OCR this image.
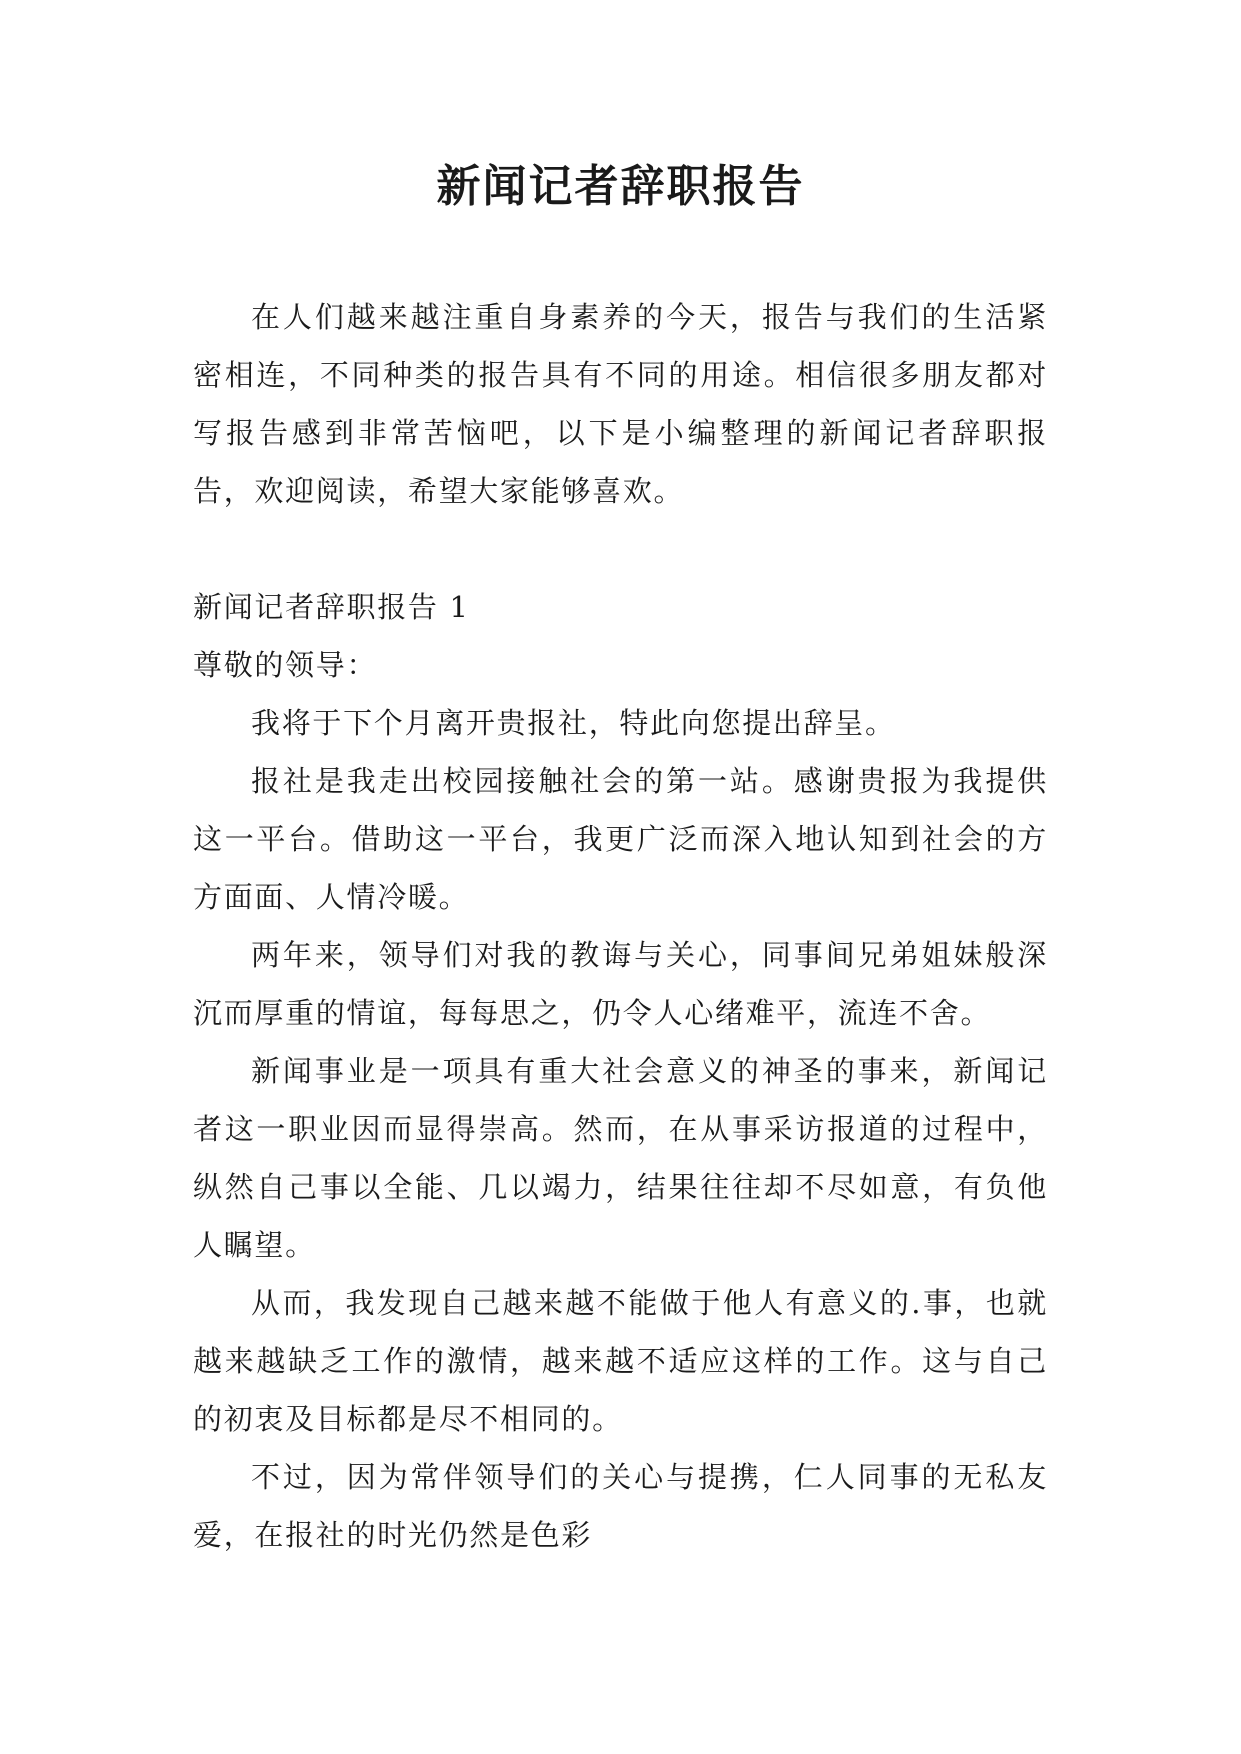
新闻记者辞职报告

在人们越来越注重自身素养的今天，报告与我们的生活紧密相连，不同种类的报告具有不同的用途。相信很多朋友都对写报告感到非常苦恼吧，以下是小编整理的新闻记者辞职报告，欢迎阅读，希望大家能够喜欢。

新闻记者辞职报告 1

尊敬的领导：

我将于下个月离开贵报社，特此向您提出辞呈。

报社是我走出校园接触社会的第一站。感谢贵报为我提供这一平台。借助这一平台，我更广泛而深入地认知到社会的方方面面、人情冷暖。

两年来，领导们对我的教诲与关心，同事间兄弟姐妹般深沉而厚重的情谊，每每思之，仍令人心绪难平，流连不舍。

新闻事业是一项具有重大社会意义的神圣的事来，新闻记者这一职业因而显得崇高。然而，在从事采访报道的过程中，纵然自己事以全能、几以竭力，结果往往却不尽如意，有负他人瞩望。

从而，我发现自己越来越不能做于他人有意义的.事，也就越来越缺乏工作的激情，越来越不适应这样的工作。这与自己的初衷及目标都是尽不相同的。

不过，因为常伴领导们的关心与提携，仁人同事的无私友爱，在报社的时光仍然是色彩
